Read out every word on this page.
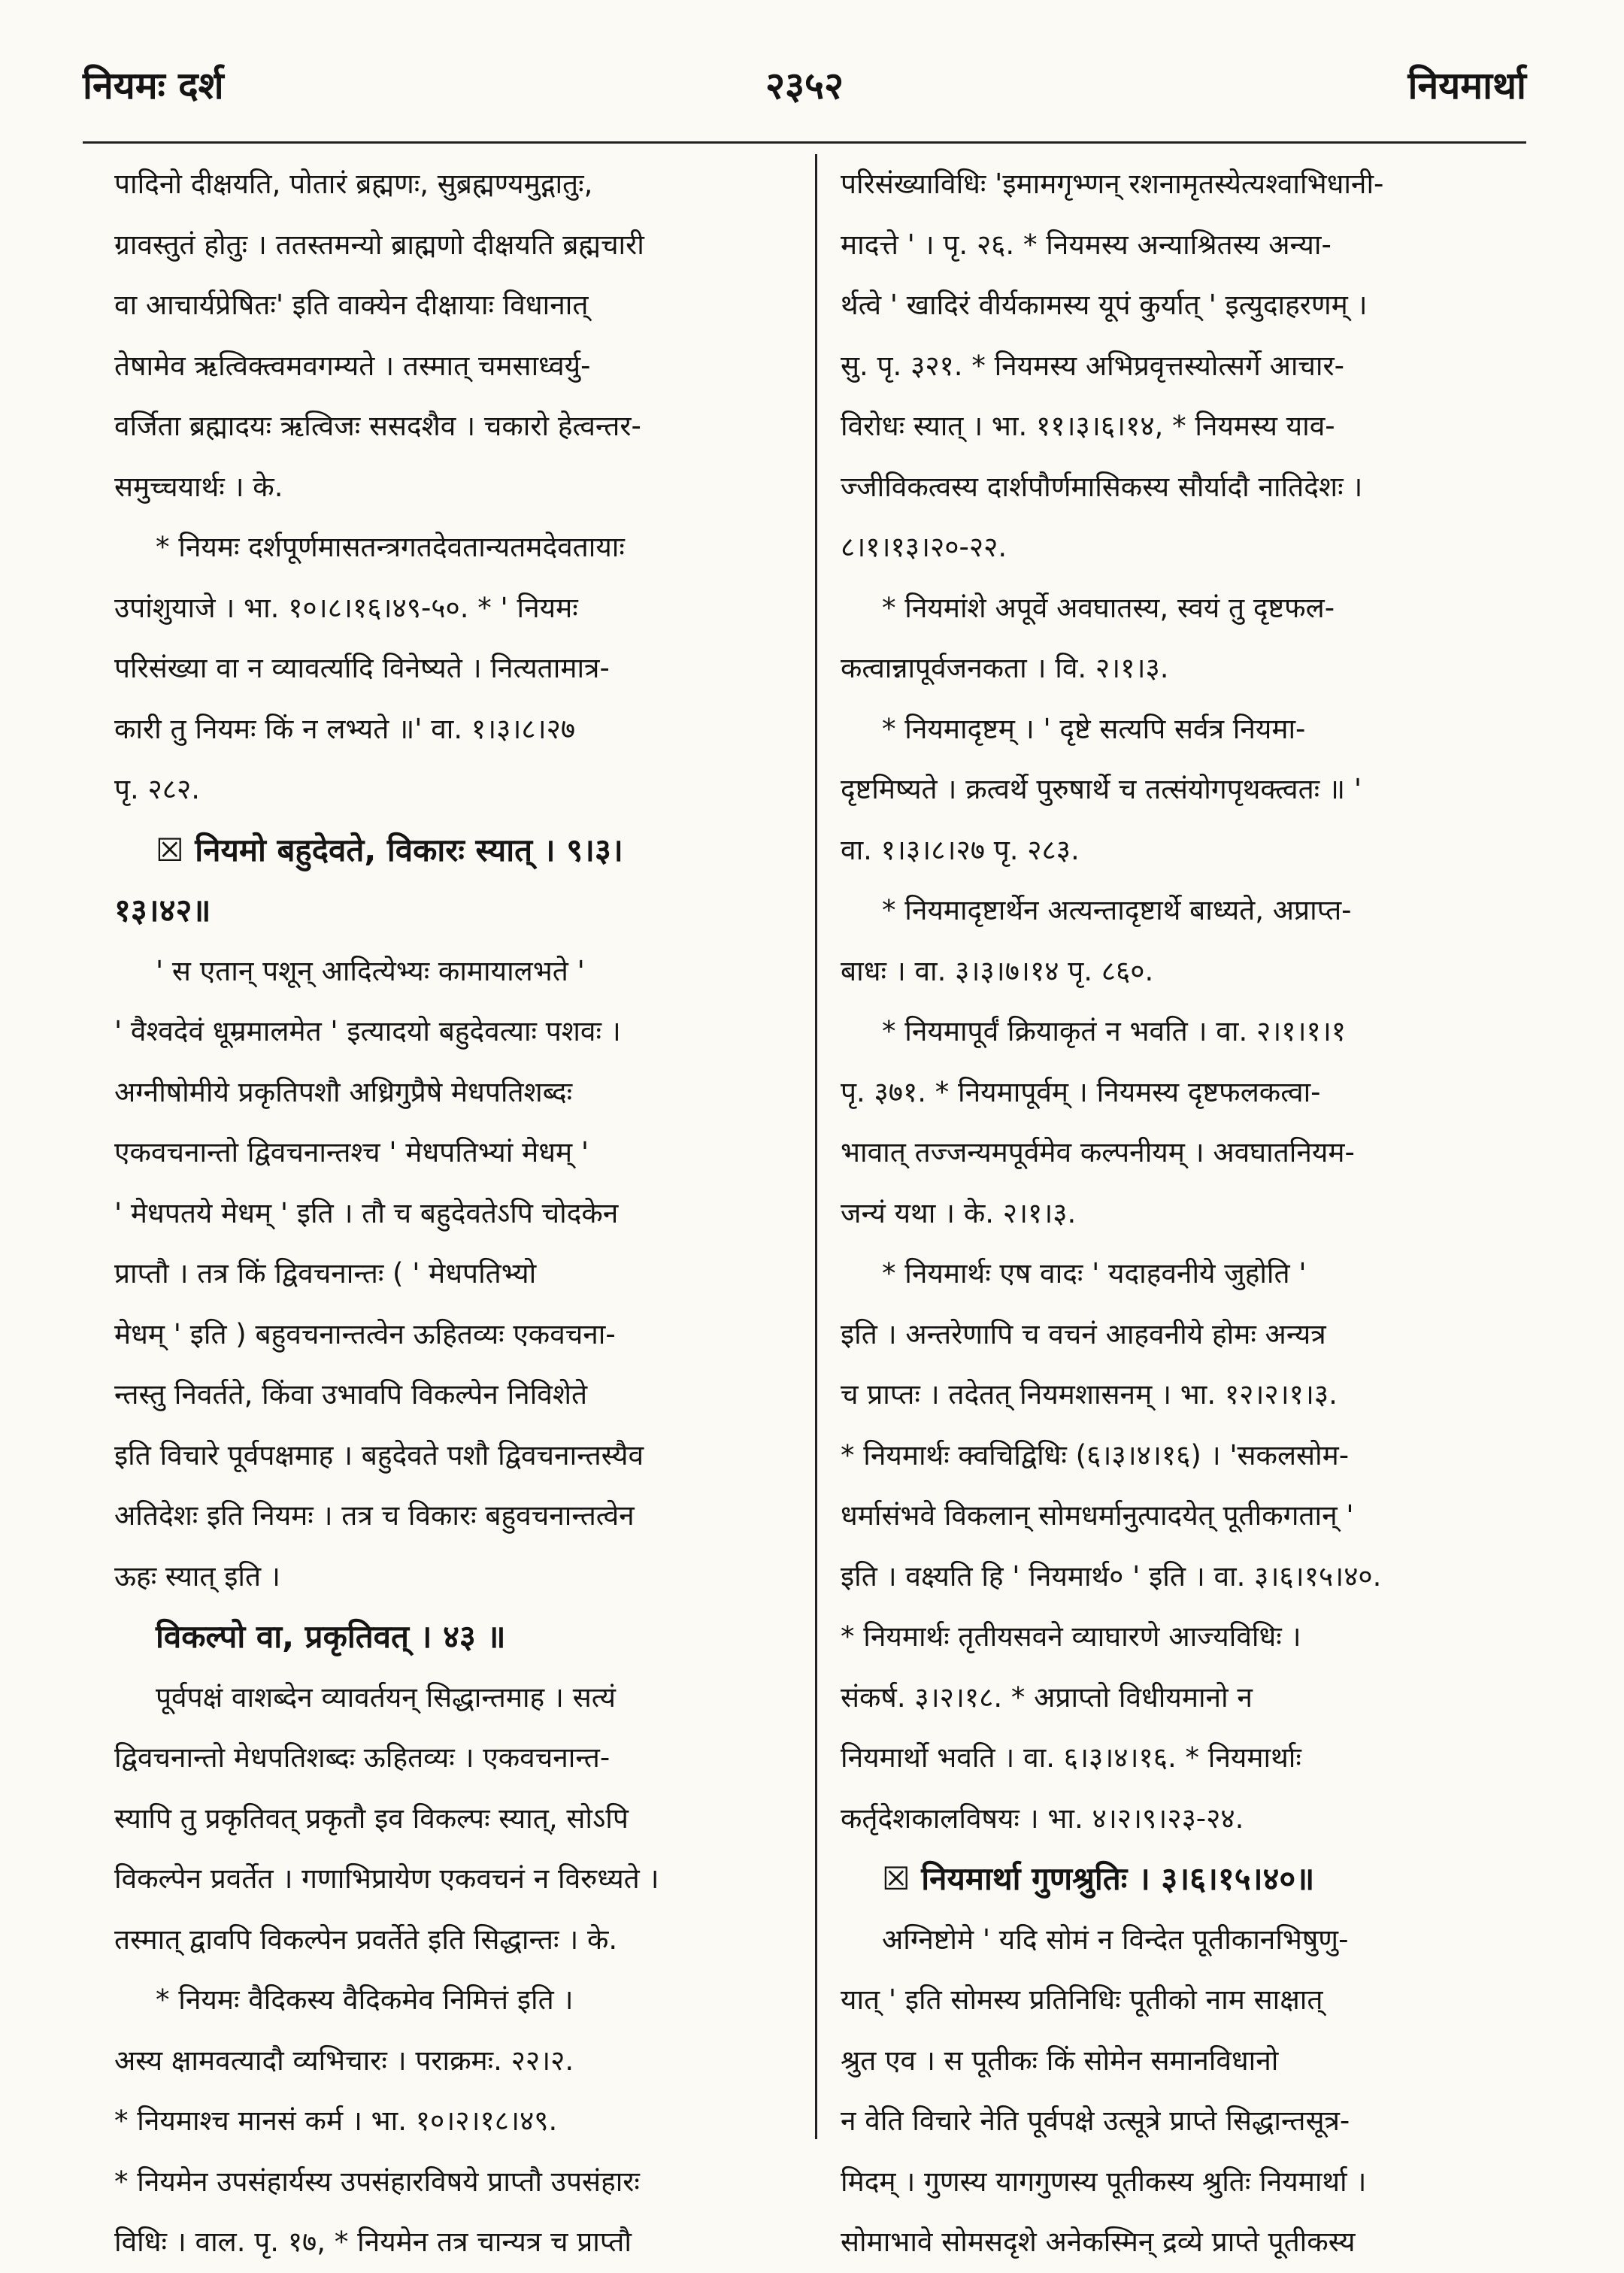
नियमः दर्श	२३५२	नियमार्था
पादिनो दीक्षयति, पोतारं ब्रह्मणः, सुब्रह्मण्यमुद्गातुः,
ग्रावस्तुतं होतुः । ततस्तमन्यो ब्राह्मणो दीक्षयति ब्रह्मचारी
वा आचार्यप्रेषितः' इति वाक्येन दीक्षायाः विधानात्
तेषामेव ऋत्विक्त्वमवगम्यते । तस्मात् चमसाध्वर्यु-
वर्जिता ब्रह्मादयः ऋत्विजः ससदशैव । चकारो हेत्वन्तर-
समुच्चयार्थः । के.
* नियमः दर्शपूर्णमासतन्त्रगतदेवतान्यतमदेवतायाः
उपांशुयाजे । भा. १०।८।१६।४९-५०. * ' नियमः
परिसंख्या वा न व्यावर्त्यादि विनेष्यते । नित्यतामात्र-
कारी तु नियमः किं न लभ्यते ॥' वा. १।३।८।२७
पृ. २८२.
☒ नियमो बहुदेवते, विकारः स्यात् । ९।३।
१३।४२॥
' स एतान् पशून् आदित्येभ्यः कामायालभते '
' वैश्वदेवं धूम्रमालमेत ' इत्यादयो बहुदेवत्याः पशवः ।
अग्नीषोमीये प्रकृतिपशौ अध्रिगुप्रैषे मेधपतिशब्दः
एकवचनान्तो द्विवचनान्तश्च ' मेधपतिभ्यां मेधम् '
' मेधपतये मेधम् ' इति । तौ च बहुदेवतेऽपि चोदकेन
प्राप्तौ । तत्र किं द्विवचनान्तः ( ' मेधपतिभ्यो
मेधम् ' इति ) बहुवचनान्तत्वेन ऊहितव्यः एकवचना-
न्तस्तु निवर्तते, किंवा उभावपि विकल्पेन निविशेते
इति विचारे पूर्वपक्षमाह । बहुदेवते पशौ द्विवचनान्तस्यैव
अतिदेशः इति नियमः । तत्र च विकारः बहुवचनान्तत्वेन
ऊहः स्यात् इति ।
विकल्पो वा, प्रकृतिवत् । ४३ ॥
पूर्वपक्षं वाशब्देन व्यावर्तयन् सिद्धान्तमाह । सत्यं
द्विवचनान्तो मेधपतिशब्दः ऊहितव्यः । एकवचनान्त-
स्यापि तु प्रकृतिवत् प्रकृतौ इव विकल्पः स्यात्, सोऽपि
विकल्पेन प्रवर्तेत । गणाभिप्रायेण एकवचनं न विरुध्यते ।
तस्मात् द्वावपि विकल्पेन प्रवर्तेते इति सिद्धान्तः । के.
* नियमः वैदिकस्य वैदिकमेव निमित्तं इति ।
अस्य क्षामवत्यादौ व्यभिचारः । पराक्रमः. २२।२.
* नियमाश्च मानसं कर्म । भा. १०।२।१८।४९.
* नियमेन उपसंहार्यस्य उपसंहारविषये प्राप्तौ उपसंहारः
विधिः । वाल. पृ. १७, * नियमेन तत्र चान्यत्र च प्राप्तौ
परिसंख्याविधिः 'इमामगृभ्णन् रशनामृतस्येत्यश्वाभिधानी-
मादत्ते ' । पृ. २६. * नियमस्य अन्याश्रितस्य अन्या-
र्थत्वे ' खादिरं वीर्यकामस्य यूपं कुर्यात् ' इत्युदाहरणम् ।
सु. पृ. ३२१. * नियमस्य अभिप्रवृत्तस्योत्सर्गे आचार-
विरोधः स्यात् । भा. ११।३।६।१४, * नियमस्य याव-
ज्जीविकत्वस्य दार्शपौर्णमासिकस्य सौर्यादौ नातिदेशः ।
८।१।१३।२०-२२.
* नियमांशे अपूर्वे अवघातस्य, स्वयं तु दृष्टफल-
कत्वान्नापूर्वजनकता । वि. २।१।३.
* नियमादृष्टम् । ' दृष्टे सत्यपि सर्वत्र नियमा-
दृष्टमिष्यते । क्रत्वर्थे पुरुषार्थे च तत्संयोगपृथक्त्वतः ॥ '
वा. १।३।८।२७ पृ. २८३.
* नियमादृष्टार्थेन अत्यन्तादृष्टार्थे बाध्यते, अप्राप्त-
बाधः । वा. ३।३।७।१४ पृ. ८६०.
* नियमापूर्वं क्रियाकृतं न भवति । वा. २।१।१।१
पृ. ३७१. * नियमापूर्वम् । नियमस्य दृष्टफलकत्वा-
भावात् तज्जन्यमपूर्वमेव कल्पनीयम् । अवघातनियम-
जन्यं यथा । के. २।१।३.
* नियमार्थः एष वादः ' यदाहवनीये जुहोति '
इति । अन्तरेणापि च वचनं आहवनीये होमः अन्यत्र
च प्राप्तः । तदेतत् नियमशासनम् । भा. १२।२।१।३.
* नियमार्थः क्वचिद्विधिः (६।३।४।१६) । 'सकलसोम-
धर्मासंभवे विकलान् सोमधर्मानुत्पादयेत् पूतीकगतान् '
इति । वक्ष्यति हि ' नियमार्थ० ' इति । वा. ३।६।१५।४०.
* नियमार्थः तृतीयसवने व्याघारणे आज्यविधिः ।
संकर्ष. ३।२।१८. * अप्राप्तो विधीयमानो न
नियमार्थो भवति । वा. ६।३।४।१६. * नियमार्थाः
कर्तृदेशकालविषयः । भा. ४।२।९।२३-२४.
☒ नियमार्था गुणश्रुतिः । ३।६।१५।४०॥
अग्निष्टोमे ' यदि सोमं न विन्देत पूतीकानभिषुणु-
यात् ' इति सोमस्य प्रतिनिधिः पूतीको नाम साक्षात्
श्रुत एव । स पूतीकः किं सोमेन समानविधानो
न वेति विचारे नेति पूर्वपक्षे उत्सूत्रे प्राप्ते सिद्धान्तसूत्र-
मिदम् । गुणस्य यागगुणस्य पूतीकस्य श्रुतिः नियमार्था ।
सोमाभावे सोमसदृशे अनेकस्मिन् द्रव्ये प्राप्ते पूतीकस्य
